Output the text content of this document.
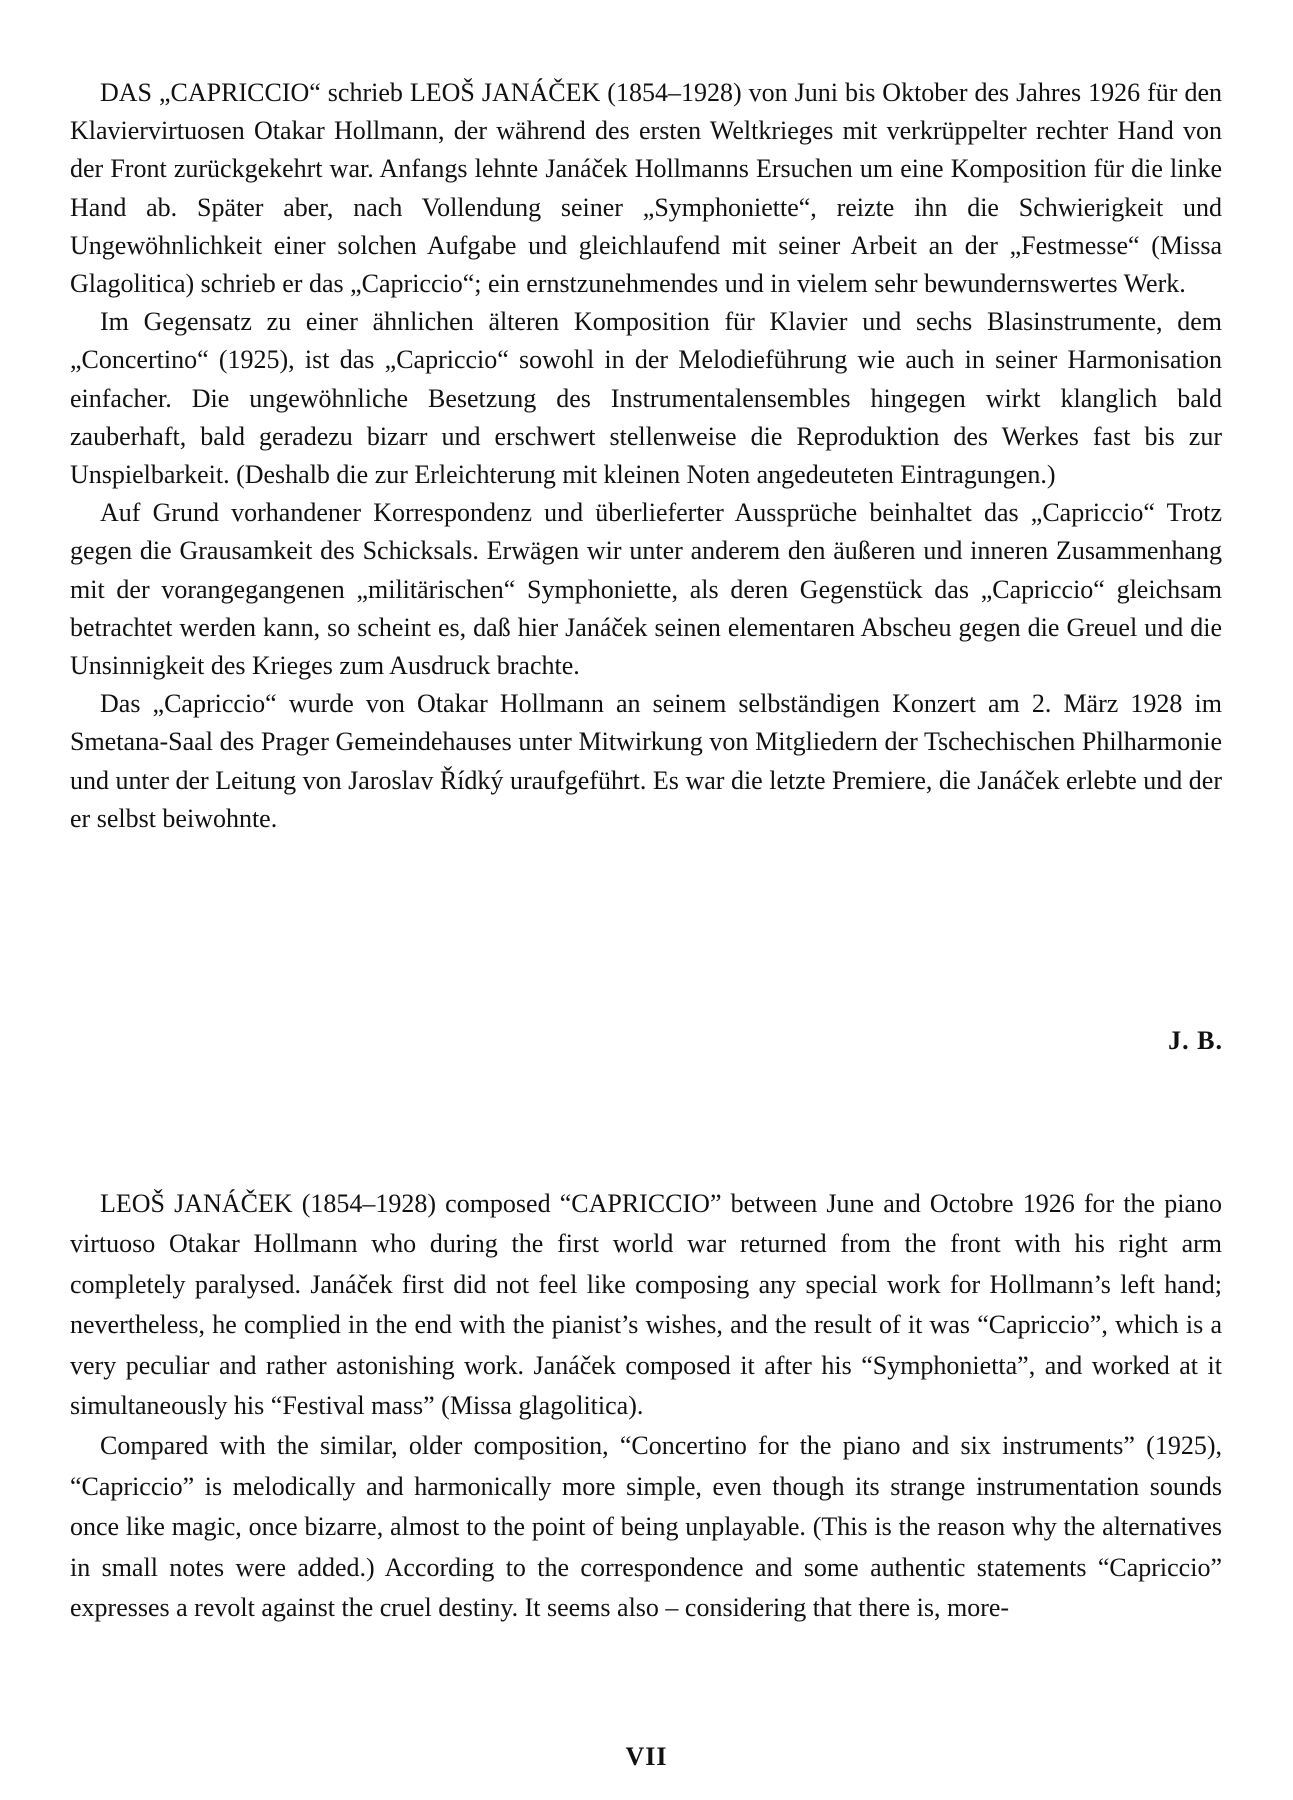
DAS „CAPRICCIO“ schrieb LEOŠ JANÁČEK (1854–1928) von Juni bis Oktober des Jahres 1926 für den Klaviervirtuosen Otakar Hollmann, der während des ersten Weltkrieges mit verkrüppelter rechter Hand von der Front zurückgekehrt war. Anfangs lehnte Janáček Hollmanns Ersuchen um eine Komposition für die linke Hand ab. Später aber, nach Vollendung seiner „Symphoniette“, reizte ihn die Schwierigkeit und Ungewöhnlichkeit einer solchen Aufgabe und gleichlaufend mit seiner Arbeit an der „Festmesse“ (Missa Glagolitica) schrieb er das „Capriccio“; ein ernstzunehmendes und in vielem sehr bewundernswertes Werk.

Im Gegensatz zu einer ähnlichen älteren Komposition für Klavier und sechs Blasinstrumente, dem „Concertino“ (1925), ist das „Capriccio“ sowohl in der Melodieführung wie auch in seiner Harmonisation einfacher. Die ungewöhnliche Besetzung des Instrumentalensembles hingegen wirkt klanglich bald zauberhaft, bald geradezu bizarr und erschwert stellenweise die Reproduktion des Werkes fast bis zur Unspielbarkeit. (Deshalb die zur Erleichterung mit kleinen Noten angedeuteten Eintragungen.)

Auf Grund vorhandener Korrespondenz und überlieferter Aussprüche beinhaltet das „Capriccio“ Trotz gegen die Grausamkeit des Schicksals. Erwägen wir unter anderem den äußeren und inneren Zusammenhang mit der vorangegangenen „militärischen“ Symphoniette, als deren Gegenstück das „Capriccio“ gleichsam betrachtet werden kann, so scheint es, daß hier Janáček seinen elementaren Abscheu gegen die Greuel und die Unsinnigkeit des Krieges zum Ausdruck brachte.

Das „Capriccio“ wurde von Otakar Hollmann an seinem selbständigen Konzert am 2. März 1928 im Smetana-Saal des Prager Gemeindehauses unter Mitwirkung von Mitgliedern der Tschechischen Philharmonie und unter der Leitung von Jaroslav Řídký uraufgeführt. Es war die letzte Premiere, die Janáček erlebte und der er selbst beiwohnte.

J. B.

LEOŠ JANÁČEK (1854–1928) composed “CAPRICCIO” between June and Octobre 1926 for the piano virtuoso Otakar Hollmann who during the first world war returned from the front with his right arm completely paralysed. Janáček first did not feel like composing any special work for Hollmann’s left hand; nevertheless, he complied in the end with the pianist’s wishes, and the result of it was “Capriccio”, which is a very peculiar and rather astonishing work. Janáček composed it after his “Symphonietta”, and worked at it simultaneously his “Festival mass” (Missa glagolitica).

Compared with the similar, older composition, “Concertino for the piano and six instruments” (1925), “Capriccio” is melodically and harmonically more simple, even though its strange instrumentation sounds once like magic, once bizarre, almost to the point of being unplayable. (This is the reason why the alternatives in small notes were added.) According to the correspondence and some authentic statements “Capriccio” expresses a revolt against the cruel destiny. It seems also – considering that there is, more-

VII
